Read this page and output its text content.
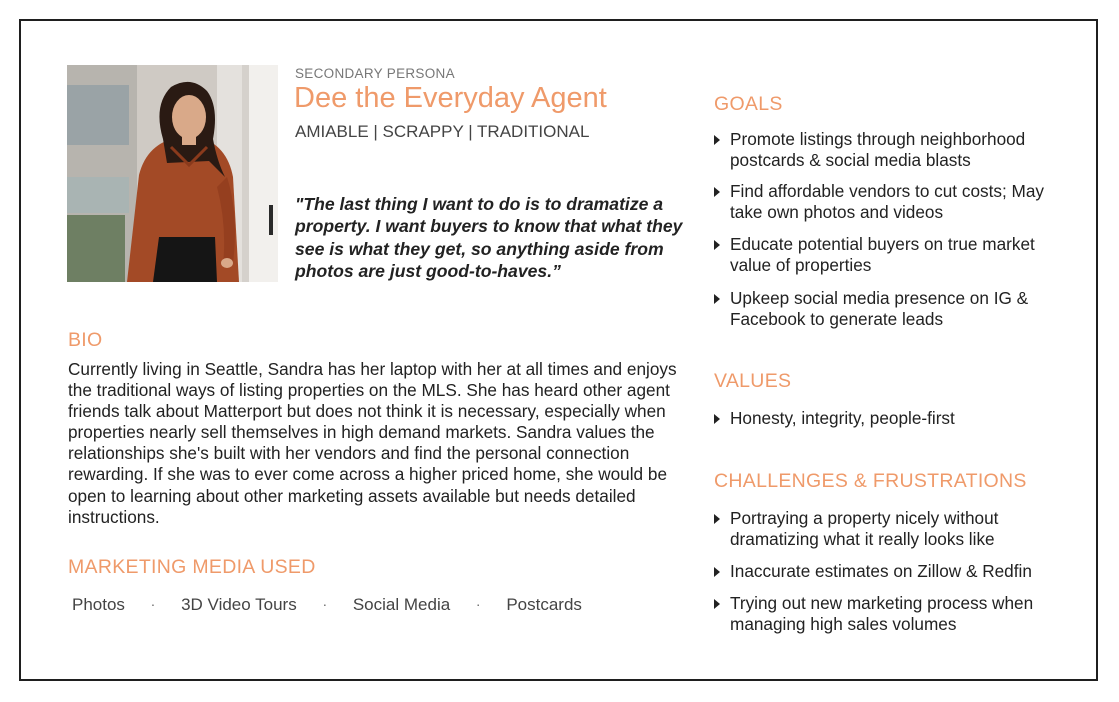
SECONDARY PERSONA
Dee the Everyday Agent
AMIABLE | SCRAPPY | TRADITIONAL
"The last thing I want to do is to dramatize a property. I want buyers to know that what they see is what they get, so anything aside from photos are just good-to-haves.”
BIO
Currently living in Seattle, Sandra has her laptop with her at all times and enjoys the traditional ways of listing properties on the MLS. She has heard other agent friends talk about Matterport but does not think it is necessary, especially when properties nearly sell themselves in high demand markets. Sandra values the relationships she's built with her vendors and find the personal connection rewarding. If she was to ever come across a higher priced home, she would be open to learning about other marketing assets available but needs detailed instructions.
MARKETING MEDIA USED
Photos · 3D Video Tours · Social Media · Postcards
GOALS
Promote listings through neighborhood postcards & social media blasts
Find affordable vendors to cut costs; May take own photos and videos
Educate potential buyers on true market value of properties
Upkeep social media presence on IG & Facebook to generate leads
VALUES
Honesty, integrity, people-first
CHALLENGES & FRUSTRATIONS
Portraying a property nicely without dramatizing what it really looks like
Inaccurate estimates on Zillow & Redfin
Trying out new marketing process when managing high sales volumes
